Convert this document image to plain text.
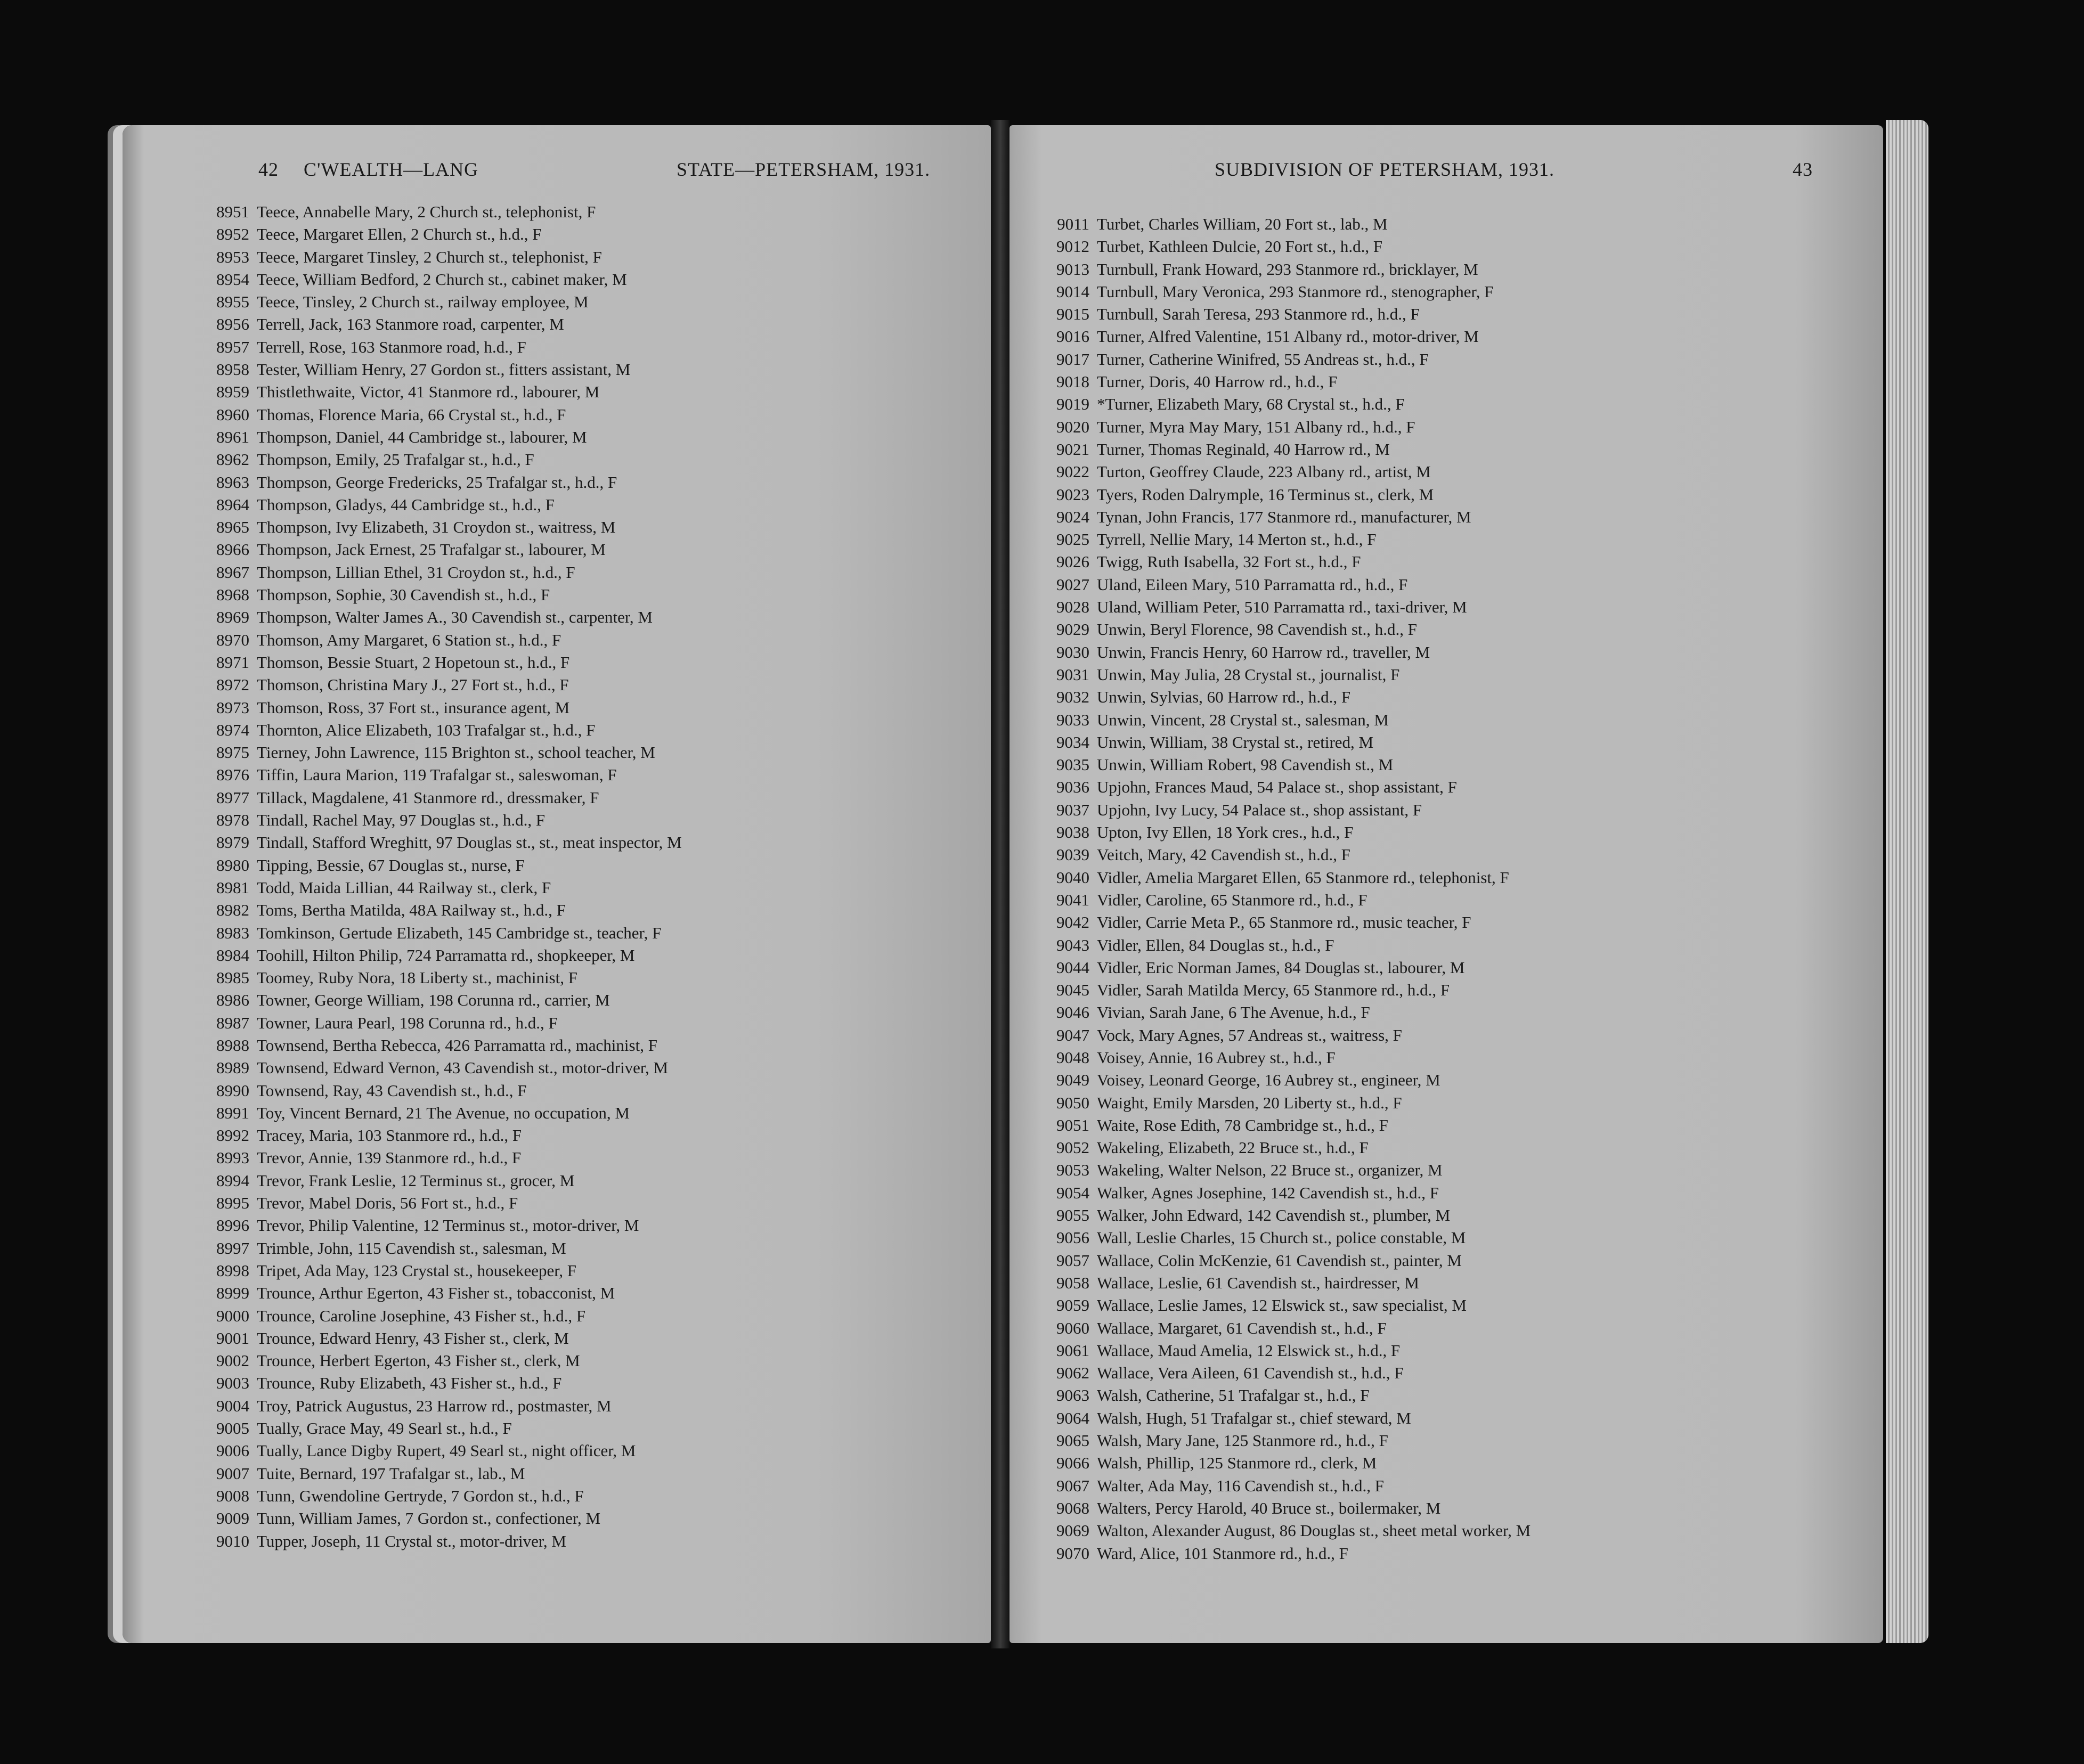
42 C'WEALTH—LANG	STATE—PETERSHAM, 1931.
8951 Teece, Annabelle Mary, 2 Church st., telephonist, F
8952 Teece, Margaret Ellen, 2 Church st., h.d., F
8953 Teece, Margaret Tinsley, 2 Church st., telephonist, F
8954 Teece, William Bedford, 2 Church st., cabinet maker, M
8955 Teece, Tinsley, 2 Church st., railway employee, M
8956 Terrell, Jack, 163 Stanmore road, carpenter, M
8957 Terrell, Rose, 163 Stanmore road, h.d., F
8958 Tester, William Henry, 27 Gordon st., fitters assistant, M
8959 Thistlethwaite, Victor, 41 Stanmore rd., labourer, M
8960 Thomas, Florence Maria, 66 Crystal st., h.d., F
8961 Thompson, Daniel, 44 Cambridge st., labourer, M
8962 Thompson, Emily, 25 Trafalgar st., h.d., F
8963 Thompson, George Fredericks, 25 Trafalgar st., h.d., F
8964 Thompson, Gladys, 44 Cambridge st., h.d., F
8965 Thompson, Ivy Elizabeth, 31 Croydon st., waitress, M
8966 Thompson, Jack Ernest, 25 Trafalgar st., labourer, M
8967 Thompson, Lillian Ethel, 31 Croydon st., h.d., F
8968 Thompson, Sophie, 30 Cavendish st., h.d., F
8969 Thompson, Walter James A., 30 Cavendish st., carpenter, M
8970 Thomson, Amy Margaret, 6 Station st., h.d., F
8971 Thomson, Bessie Stuart, 2 Hopetoun st., h.d., F
8972 Thomson, Christina Mary J., 27 Fort st., h.d., F
8973 Thomson, Ross, 37 Fort st., insurance agent, M
8974 Thornton, Alice Elizabeth, 103 Trafalgar st., h.d., F
8975 Tierney, John Lawrence, 115 Brighton st., school teacher, M
8976 Tiffin, Laura Marion, 119 Trafalgar st., saleswoman, F
8977 Tillack, Magdalene, 41 Stanmore rd., dressmaker, F
8978 Tindall, Rachel May, 97 Douglas st., h.d., F
8979 Tindall, Stafford Wreghitt, 97 Douglas st., st., meat inspector, M
8980 Tipping, Bessie, 67 Douglas st., nurse, F
8981 Todd, Maida Lillian, 44 Railway st., clerk, F
8982 Toms, Bertha Matilda, 48A Railway st., h.d., F
8983 Tomkinson, Gertude Elizabeth, 145 Cambridge st., teacher, F
8984 Toohill, Hilton Philip, 724 Parramatta rd., shopkeeper, M
8985 Toomey, Ruby Nora, 18 Liberty st., machinist, F
8986 Towner, George William, 198 Corunna rd., carrier, M
8987 Towner, Laura Pearl, 198 Corunna rd., h.d., F
8988 Townsend, Bertha Rebecca, 426 Parramatta rd., machinist, F
8989 Townsend, Edward Vernon, 43 Cavendish st., motor-driver, M
8990 Townsend, Ray, 43 Cavendish st., h.d., F
8991 Toy, Vincent Bernard, 21 The Avenue, no occupation, M
8992 Tracey, Maria, 103 Stanmore rd., h.d., F
8993 Trevor, Annie, 139 Stanmore rd., h.d., F
8994 Trevor, Frank Leslie, 12 Terminus st., grocer, M
8995 Trevor, Mabel Doris, 56 Fort st., h.d., F
8996 Trevor, Philip Valentine, 12 Terminus st., motor-driver, M
8997 Trimble, John, 115 Cavendish st., salesman, M
8998 Tripet, Ada May, 123 Crystal st., housekeeper, F
8999 Trounce, Arthur Egerton, 43 Fisher st., tobacconist, M
9000 Trounce, Caroline Josephine, 43 Fisher st., h.d., F
9001 Trounce, Edward Henry, 43 Fisher st., clerk, M
9002 Trounce, Herbert Egerton, 43 Fisher st., clerk, M
9003 Trounce, Ruby Elizabeth, 43 Fisher st., h.d., F
9004 Troy, Patrick Augustus, 23 Harrow rd., postmaster, M
9005 Tually, Grace May, 49 Searl st., h.d., F
9006 Tually, Lance Digby Rupert, 49 Searl st., night officer, M
9007 Tuite, Bernard, 197 Trafalgar st., lab., M
9008 Tunn, Gwendoline Gertryde, 7 Gordon st., h.d., F
9009 Tunn, William James, 7 Gordon st., confectioner, M
9010 Tupper, Joseph, 11 Crystal st., motor-driver, M
SUBDIVISION OF PETERSHAM, 1931.	43
9011 Turbet, Charles William, 20 Fort st., lab., M
9012 Turbet, Kathleen Dulcie, 20 Fort st., h.d., F
9013 Turnbull, Frank Howard, 293 Stanmore rd., bricklayer, M
9014 Turnbull, Mary Veronica, 293 Stanmore rd., stenographer, F
9015 Turnbull, Sarah Teresa, 293 Stanmore rd., h.d., F
9016 Turner, Alfred Valentine, 151 Albany rd., motor-driver, M
9017 Turner, Catherine Winifred, 55 Andreas st., h.d., F
9018 Turner, Doris, 40 Harrow rd., h.d., F
9019 *Turner, Elizabeth Mary, 68 Crystal st., h.d., F
9020 Turner, Myra May Mary, 151 Albany rd., h.d., F
9021 Turner, Thomas Reginald, 40 Harrow rd., M
9022 Turton, Geoffrey Claude, 223 Albany rd., artist, M
9023 Tyers, Roden Dalrymple, 16 Terminus st., clerk, M
9024 Tynan, John Francis, 177 Stanmore rd., manufacturer, M
9025 Tyrrell, Nellie Mary, 14 Merton st., h.d., F
9026 Twigg, Ruth Isabella, 32 Fort st., h.d., F
9027 Uland, Eileen Mary, 510 Parramatta rd., h.d., F
9028 Uland, William Peter, 510 Parramatta rd., taxi-driver, M
9029 Unwin, Beryl Florence, 98 Cavendish st., h.d., F
9030 Unwin, Francis Henry, 60 Harrow rd., traveller, M
9031 Unwin, May Julia, 28 Crystal st., journalist, F
9032 Unwin, Sylvias, 60 Harrow rd., h.d., F
9033 Unwin, Vincent, 28 Crystal st., salesman, M
9034 Unwin, William, 38 Crystal st., retired, M
9035 Unwin, William Robert, 98 Cavendish st., M
9036 Upjohn, Frances Maud, 54 Palace st., shop assistant, F
9037 Upjohn, Ivy Lucy, 54 Palace st., shop assistant, F
9038 Upton, Ivy Ellen, 18 York cres., h.d., F
9039 Veitch, Mary, 42 Cavendish st., h.d., F
9040 Vidler, Amelia Margaret Ellen, 65 Stanmore rd., telephonist, F
9041 Vidler, Caroline, 65 Stanmore rd., h.d., F
9042 Vidler, Carrie Meta P., 65 Stanmore rd., music teacher, F
9043 Vidler, Ellen, 84 Douglas st., h.d., F
9044 Vidler, Eric Norman James, 84 Douglas st., labourer, M
9045 Vidler, Sarah Matilda Mercy, 65 Stanmore rd., h.d., F
9046 Vivian, Sarah Jane, 6 The Avenue, h.d., F
9047 Vock, Mary Agnes, 57 Andreas st., waitress, F
9048 Voisey, Annie, 16 Aubrey st., h.d., F
9049 Voisey, Leonard George, 16 Aubrey st., engineer, M
9050 Waight, Emily Marsden, 20 Liberty st., h.d., F
9051 Waite, Rose Edith, 78 Cambridge st., h.d., F
9052 Wakeling, Elizabeth, 22 Bruce st., h.d., F
9053 Wakeling, Walter Nelson, 22 Bruce st., organizer, M
9054 Walker, Agnes Josephine, 142 Cavendish st., h.d., F
9055 Walker, John Edward, 142 Cavendish st., plumber, M
9056 Wall, Leslie Charles, 15 Church st., police constable, M
9057 Wallace, Colin McKenzie, 61 Cavendish st., painter, M
9058 Wallace, Leslie, 61 Cavendish st., hairdresser, M
9059 Wallace, Leslie James, 12 Elswick st., saw specialist, M
9060 Wallace, Margaret, 61 Cavendish st., h.d., F
9061 Wallace, Maud Amelia, 12 Elswick st., h.d., F
9062 Wallace, Vera Aileen, 61 Cavendish st., h.d., F
9063 Walsh, Catherine, 51 Trafalgar st., h.d., F
9064 Walsh, Hugh, 51 Trafalgar st., chief steward, M
9065 Walsh, Mary Jane, 125 Stanmore rd., h.d., F
9066 Walsh, Phillip, 125 Stanmore rd., clerk, M
9067 Walter, Ada May, 116 Cavendish st., h.d., F
9068 Walters, Percy Harold, 40 Bruce st., boilermaker, M
9069 Walton, Alexander August, 86 Douglas st., sheet metal worker, M
9070 Ward, Alice, 101 Stanmore rd., h.d., F
